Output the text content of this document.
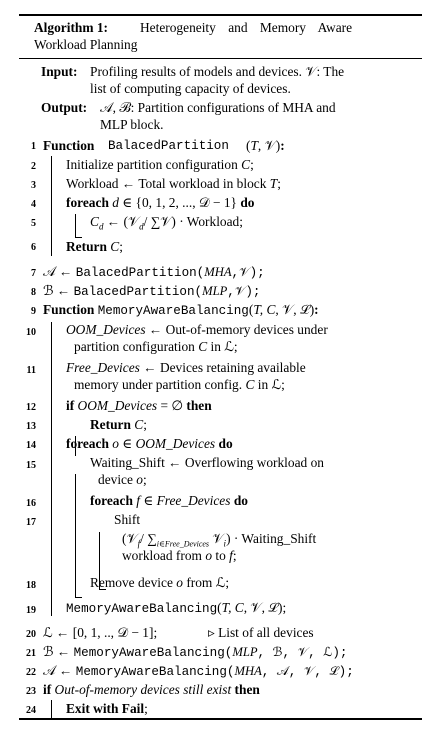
Algorithm 1: Heterogeneity and Memory Aware
Workload Planning
Input: Profiling results of models and devices. 𝒱: The
list of computing capacity of devices.
Output: 𝒜, ℬ: Partition configurations of MHA and
MLP block.
1
2
3
4
5
6
7
8
9
10
11
12
13
14
15
16
17
18
19
20
21
22
23
24
Function BalacedPartition (T, 𝒱):
Initialize partition configuration C;
Workload ← Total workload in block T;
foreach d ∈ {0, 1, 2, ..., 𝒟 − 1} do
$C_d$ ← (𝒱$_d$/ ∑𝒱) · Workload;
Return C;
𝒜 ← BalacedPartition(MHA,𝒱);
ℬ ← BalacedPartition(MLP,𝒱);
Function MemoryAwareBalancing(T, C, 𝒱, ℒ):
OOM_Devices ← Out-of-memory devices under
partition configuration C in ℒ;
Free_Devices ← Devices retaining available
memory under partition config. C in ℒ;
if OOM_Devices = ∅ then
Return C;
foreach o ∈ OOM_Devices do
Waiting_Shift ← Overflowing workload on
device o;
foreach f ∈ Free_Devices do
Shift
(𝒱$_f$/ $\sum_{i\in Free\_Devices}$ 𝒱$_i$) · Waiting_Shift
workload from o to f;
Remove device o from ℒ;
MemoryAwareBalancing(T, C, 𝒱, ℒ);
ℒ ← [0, 1, .., 𝒟 − 1];	▹ List of all devices
ℬ ← MemoryAwareBalancing(MLP, ℬ, 𝒱, ℒ);
𝒜 ← MemoryAwareBalancing(MHA, 𝒜, 𝒱, ℒ);
if Out-of-memory devices still exist then
Exit with Fail;
